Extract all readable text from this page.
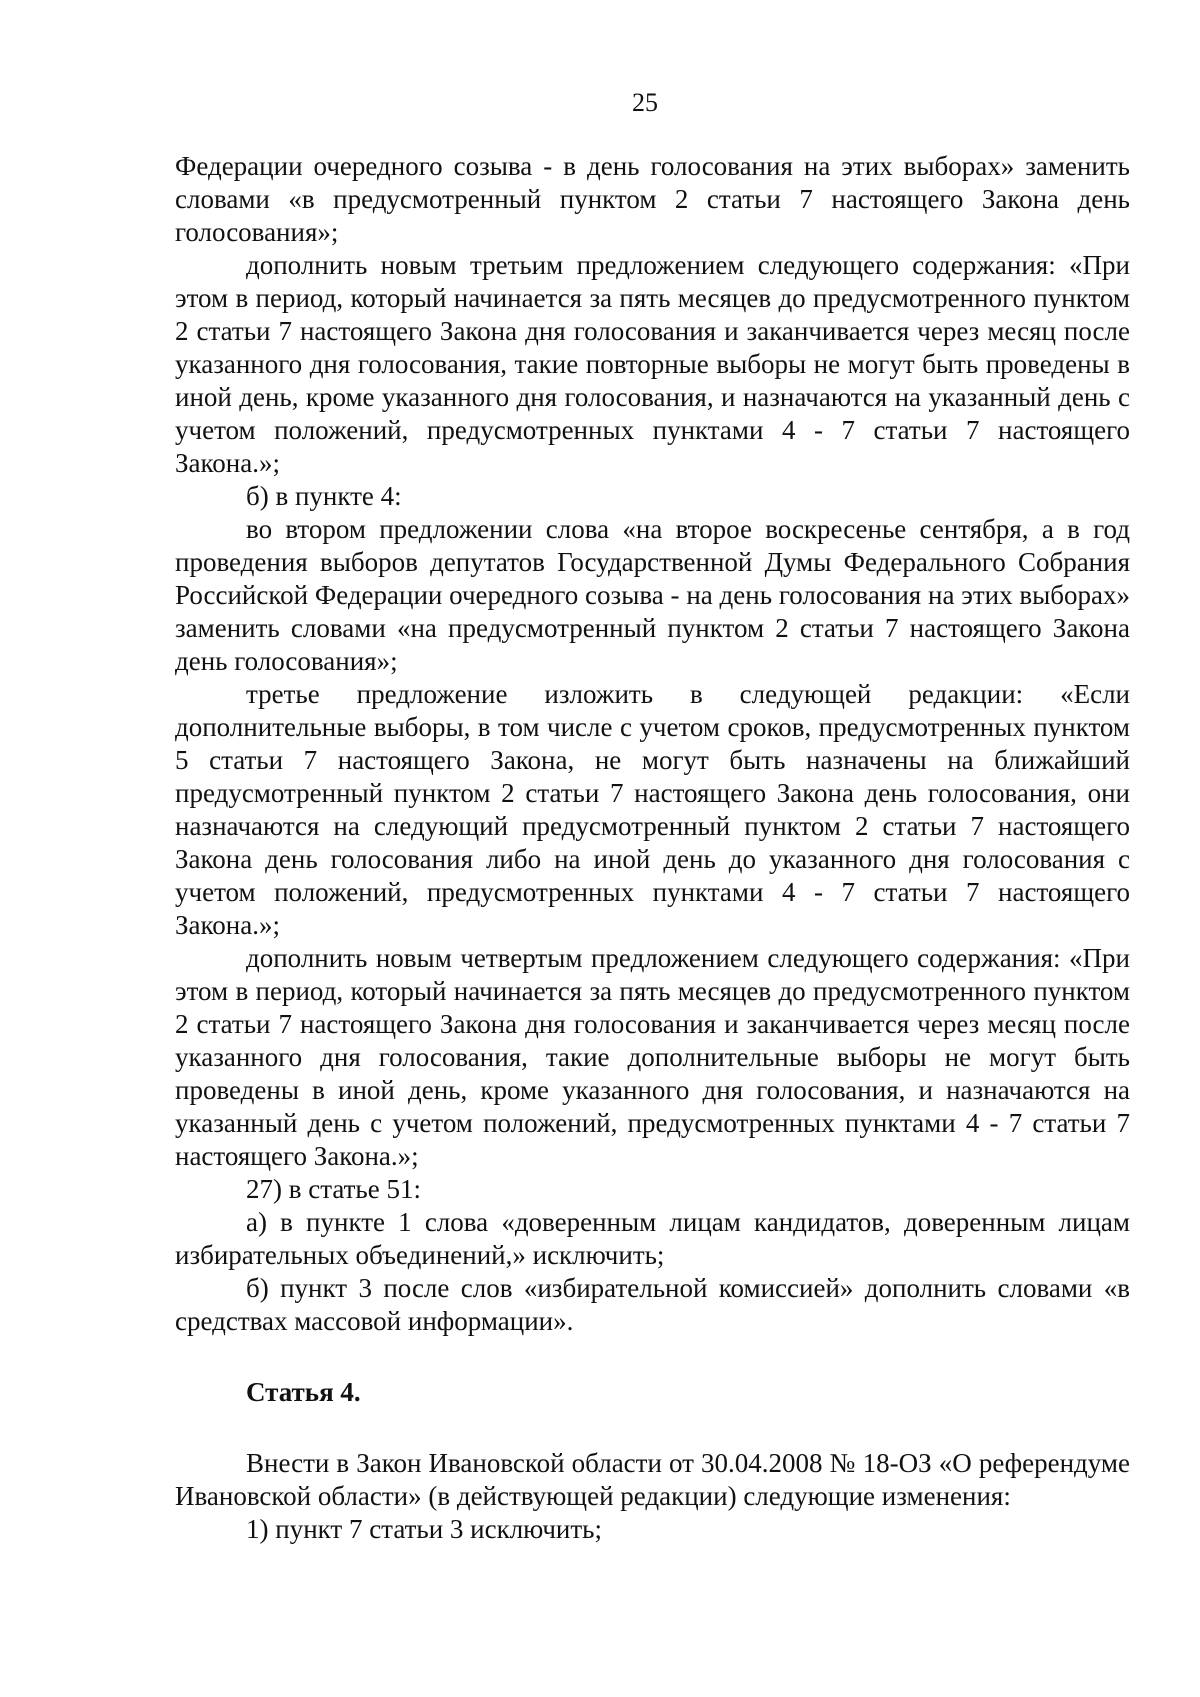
25

Федерации очередного созыва - в день голосования на этих выборах» заменить словами «в предусмотренный пунктом 2 статьи 7 настоящего Закона день голосования»;

дополнить новым третьим предложением следующего содержания: «При этом в период, который начинается за пять месяцев до предусмотренного пунктом 2 статьи 7 настоящего Закона дня голосования и заканчивается через месяц после указанного дня голосования, такие повторные выборы не могут быть проведены в иной день, кроме указанного дня голосования, и назначаются на указанный день с учетом положений, предусмотренных пунктами 4 - 7 статьи 7 настоящего Закона.»;

б) в пункте 4:

во втором предложении слова «на второе воскресенье сентября, а в год проведения выборов депутатов Государственной Думы Федерального Собрания Российской Федерации очередного созыва - на день голосования на этих выборах» заменить словами «на предусмотренный пунктом 2 статьи 7 настоящего Закона день голосования»;

третье предложение изложить в следующей редакции: «Если дополнительные выборы, в том числе с учетом сроков, предусмотренных пунктом 5 статьи 7 настоящего Закона, не могут быть назначены на ближайший предусмотренный пунктом 2 статьи 7 настоящего Закона день голосования, они назначаются на следующий предусмотренный пунктом 2 статьи 7 настоящего Закона день голосования либо на иной день до указанного дня голосования с учетом положений, предусмотренных пунктами 4 - 7 статьи 7 настоящего Закона.»;

дополнить новым четвертым предложением следующего содержания: «При этом в период, который начинается за пять месяцев до предусмотренного пунктом 2 статьи 7 настоящего Закона дня голосования и заканчивается через месяц после указанного дня голосования, такие дополнительные выборы не могут быть проведены в иной день, кроме указанного дня голосования, и назначаются на указанный день с учетом положений, предусмотренных пунктами 4 - 7 статьи 7 настоящего Закона.»;

27) в статье 51:

а) в пункте 1 слова «доверенным лицам кандидатов, доверенным лицам избирательных объединений,» исключить;

б) пункт 3 после слов «избирательной комиссией» дополнить словами «в средствах массовой информации».

Статья 4.

Внести в Закон Ивановской области от 30.04.2008 № 18-ОЗ «О референдуме Ивановской области» (в действующей редакции) следующие изменения:

1) пункт 7 статьи 3 исключить;
